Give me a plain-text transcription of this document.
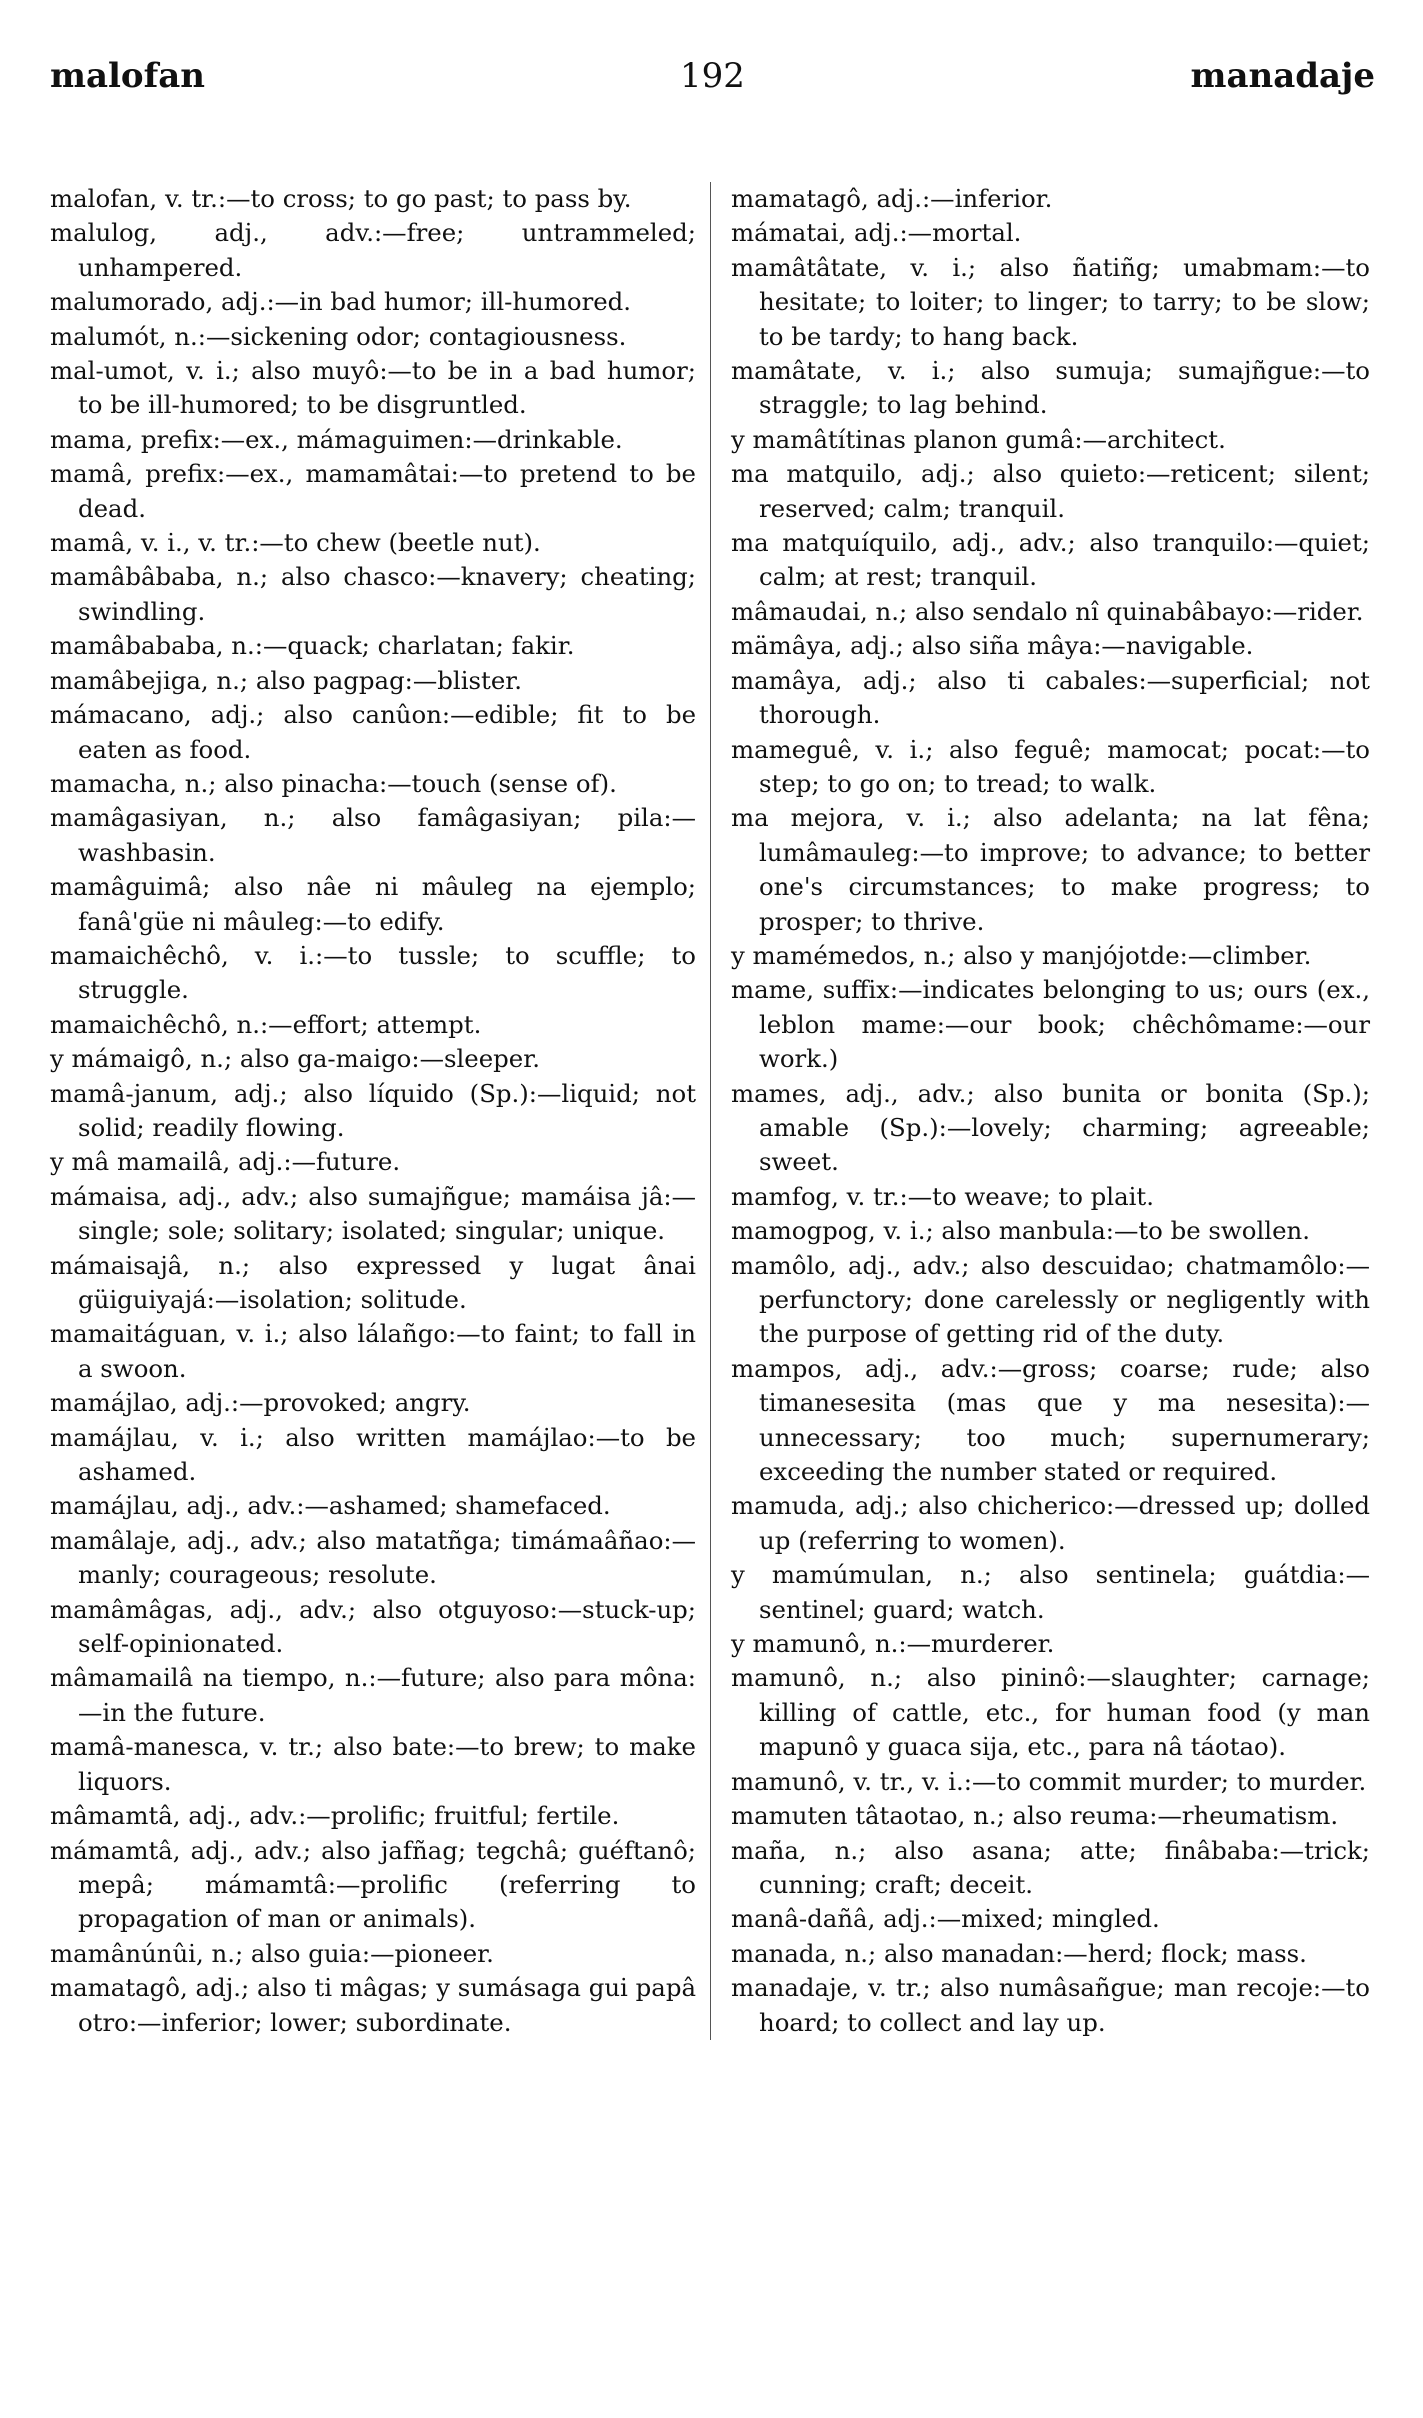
malofan	192	manadaje

malofan, v. tr.:—to cross; to go past; to pass by.

malulog, adj., adv.:—free; untrammeled; unhampered.

malumorado, adj.:—in bad humor; ill-humored.

malumót, n.:—sickening odor; contagiousness.

mal-umot, v. i.; also muyô:—to be in a bad humor; to be ill-humored; to be disgruntled.

mama, prefix:—ex., mámaguimen:—drinkable.

mamâ, prefix:—ex., mamamâtai:—to pretend to be dead.

mamâ, v. i., v. tr.:—to chew (beetle nut).

mamâbâbaba, n.; also chasco:—knavery; cheating; swindling.

mamâbababa, n.:—quack; charlatan; fakir.

mamâbejiga, n.; also pagpag:—blister.

mámacano, adj.; also canûon:—edible; fit to be eaten as food.

mamacha, n.; also pinacha:—touch (sense of).

mamâgasiyan, n.; also famâgasiyan; pila:—washbasin.

mamâguimâ; also nâe ni mâuleg na ejemplo; fanâ'güe ni mâuleg:—to edify.

mamaichêchô, v. i.:—to tussle; to scuffle; to struggle.

mamaichêchô, n.:—effort; attempt.

y mámaigô, n.; also ga-maigo:—sleeper.

mamâ-janum, adj.; also líquido (Sp.):—liquid; not solid; readily flowing.

y mâ mamailâ, adj.:—future.

mámaisa, adj., adv.; also sumajñgue; mamáisa jâ:—single; sole; solitary; isolated; singular; unique.

mámaisajâ, n.; also expressed y lugat ânai güiguiyajá:—isolation; solitude.

mamaitáguan, v. i.; also lálañgo:—to faint; to fall in a swoon.

mamájlao, adj.:—provoked; angry.

mamájlau, v. i.; also written mamájlao:—to be ashamed.

mamájlau, adj., adv.:—ashamed; shamefaced.

mamâlaje, adj., adv.; also matatñga; timámaâñao:—manly; courageous; resolute.

mamâmâgas, adj., adv.; also otguyoso:—stuck-up; self-opinionated.

mâmamailâ na tiempo, n.:—future; also para mônа:—in the future.

mamâ-manesca, v. tr.; also bate:—to brew; to make liquors.

mâmamtâ, adj., adv.:—prolific; fruitful; fertile.

mámamtâ, adj., adv.; also jafñag; tegchâ; guéftanô; mepâ; mámamtâ:—prolific (referring to propagation of man or animals).

mamânúnûi, n.; also guia:—pioneer.

mamatagô, adj.; also ti mâgas; y sumásaga gui papâ otro:—inferior; lower; subordinate.

mamatagô, adj.:—inferior.

mámatai, adj.:—mortal.

mamâtâtate, v. i.; also ñatiñg; umabmam:—to hesitate; to loiter; to linger; to tarry; to be slow; to be tardy; to hang back.

mamâtate, v. i.; also sumuja; sumajñgue:—to straggle; to lag behind.

y mamâtítinas planon gumâ:—architect.

ma matquilo, adj.; also quieto:—reticent; silent; reserved; calm; tranquil.

ma matquíquilo, adj., adv.; also tranquilo:—quiet; calm; at rest; tranquil.

mâmaudai, n.; also sendalo nî quinabâbayo:—rider.

mämâya, adj.; also siña mâya:—navigable.

mamâya, adj.; also ti cabales:—superficial; not thorough.

mameguê, v. i.; also feguê; mamocat; pocat:—to step; to go on; to tread; to walk.

ma mejora, v. i.; also adelanta; na lat fêna; lumâmauleg:—to improve; to advance; to better one's circumstances; to make progress; to prosper; to thrive.

y mamémedos, n.; also y manjójotde:—climber.

mame, suffix:—indicates belonging to us; ours (ex., leblon mame:—our book; chêchômame:—our work.)

mames, adj., adv.; also bunita or bonita (Sp.); amable (Sp.):—lovely; charming; agreeable; sweet.

mamfog, v. tr.:—to weave; to plait.

mamogpog, v. i.; also manbula:—to be swollen.

mamôlo, adj., adv.; also descuidao; chatmamôlo:—perfunctory; done carelessly or negligently with the purpose of getting rid of the duty.

mampos, adj., adv.:—gross; coarse; rude; also timanesesita (mas que y ma nesesita):—unnecessary; too much; supernumerary; exceeding the number stated or required.

mamuda, adj.; also chicherico:—dressed up; dolled up (referring to women).

y mamúmulan, n.; also sentinela; guátdia:—sentinel; guard; watch.

y mamunô, n.:—murderer.

mamunô, n.; also pininô:—slaughter; carnage; killing of cattle, etc., for human food (y man mapunô y guaca sija, etc., para nâ táotao).

mamunô, v. tr., v. i.:—to commit murder; to murder.

mamuten tâtaotao, n.; also reuma:—rheumatism.

maña, n.; also asana; atte; finâbaba:—trick; cunning; craft; deceit.

manâ-dañâ, adj.:—mixed; mingled.

manada, n.; also manadan:—herd; flock; mass.

manadaje, v. tr.; also numâsañgue; man recoje:—to hoard; to collect and lay up.
